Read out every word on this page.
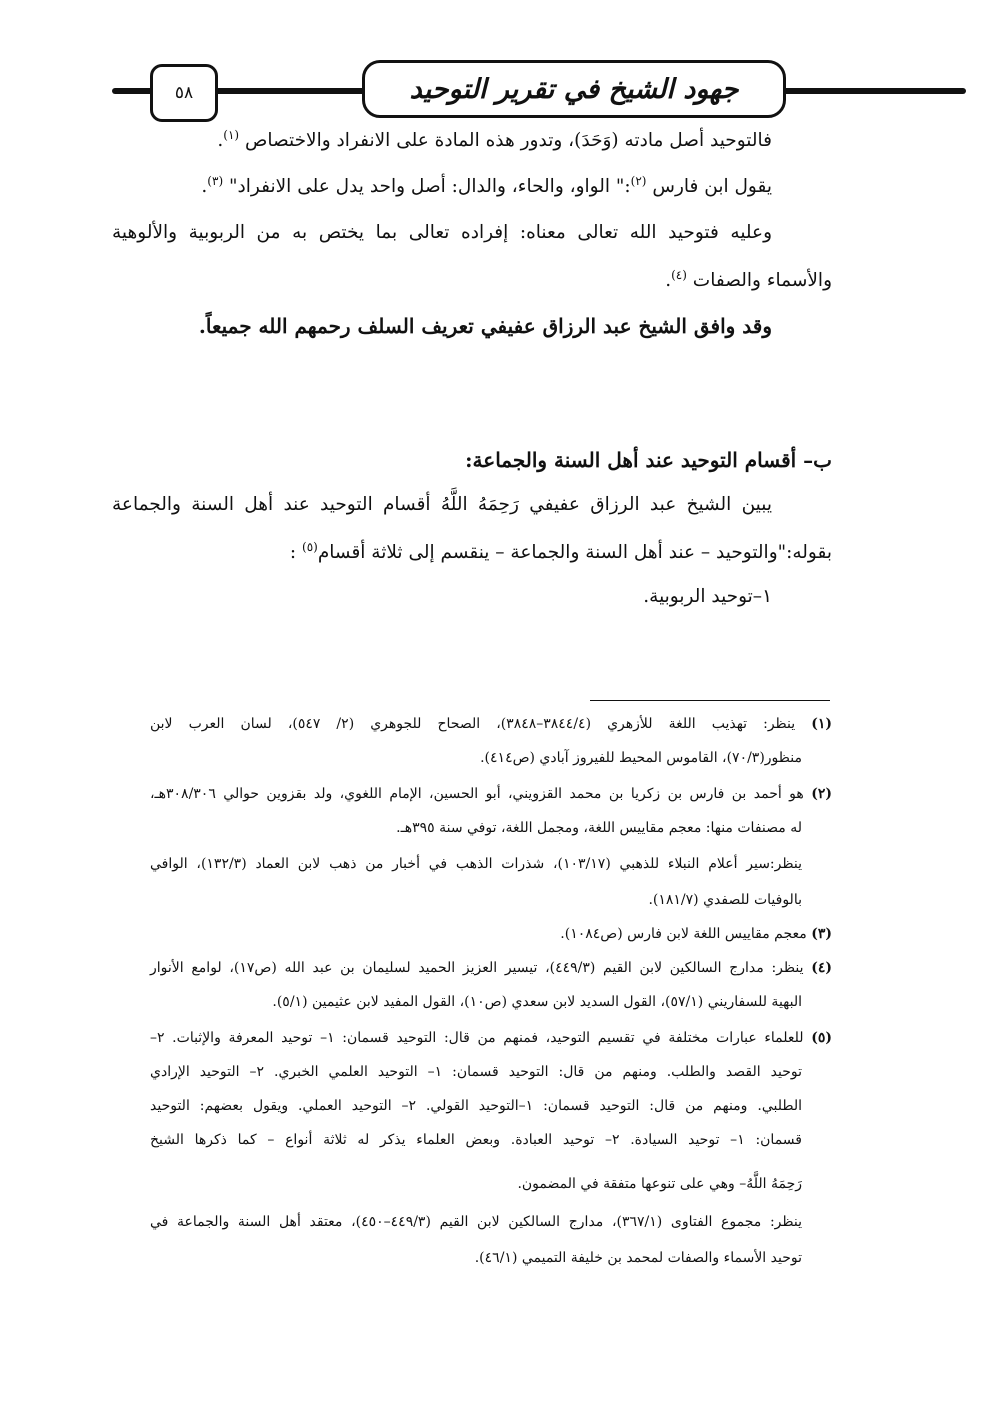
٥٨	جهود الشيخ في تقرير التوحيد
فالتوحيد أصل مادته (وَحَدَ)، وتدور هذه المادة على الانفراد والاختصاص $^{(١)}$.
يقول ابن فارس $^{(٢)}$:" الواو، والحاء، والدال: أصل واحد يدل على الانفراد" $^{(٣)}$.
وعليه فتوحيد الله تعالى معناه: إفراده تعالى بما يختص به من الربوبية والألوهية
والأسماء والصفات $^{(٤)}$.
وقد وافق الشيخ عبد الرزاق عفيفي تعريف السلف رحمهم الله جميعاً.
ب– أقسام التوحيد عند أهل السنة والجماعة:
يبين الشيخ عبد الرزاق عفيفي رَحِمَهُ اللَّهُ أقسام التوحيد عند أهل السنة والجماعة
بقوله:"والتوحيد – عند أهل السنة والجماعة – ينقسم إلى ثلاثة أقسام$^{(٥)}$ :
١–توحيد الربوبية.
(١) ينظر: تهذيب اللغة للأزهري (٣٨٤٤/٤–٣٨٤٨)، الصحاح للجوهري (٢/ ٥٤٧)، لسان العرب لابن
منظور(٧٠/٣)، القاموس المحيط للفيروز آبادي (ص٤١٤).
(٢) هو أحمد بن فارس بن زكريا بن محمد القزويني، أبو الحسين، الإمام اللغوي، ولد بقزوين حوالي ٣٠٨/٣٠٦هـ،
له مصنفات منها: معجم مقاييس اللغة، ومجمل اللغة، توفي سنة ٣٩٥هـ.
ينظر:سير أعلام النبلاء للذهبي (١٠٣/١٧)، شذرات الذهب في أخبار من ذهب لابن العماد (١٣٢/٣)، الوافي
بالوفيات للصفدي (١٨١/٧).
(٣) معجم مقاييس اللغة لابن فارس (ص١٠٨٤).
(٤) ينظر: مدارج السالكين لابن القيم (٤٤٩/٣)، تيسير العزيز الحميد لسليمان بن عبد الله (ص١٧)، لوامع الأنوار
البهية للسفاريني (٥٧/١)، القول السديد لابن سعدي (ص١٠)، القول المفيد لابن عثيمين (٥/١).
(٥) للعلماء عبارات مختلفة في تقسيم التوحيد، فمنهم من قال: التوحيد قسمان: ١– توحيد المعرفة والإثبات. ٢–
توحيد القصد والطلب. ومنهم من قال: التوحيد قسمان: ١– التوحيد العلمي الخبري. ٢– التوحيد الإرادي
الطلبي. ومنهم من قال: التوحيد قسمان: ١–التوحيد القولي. ٢– التوحيد العملي. ويقول بعضهم: التوحيد
قسمان: ١– توحيد السيادة. ٢– توحيد العبادة. وبعض العلماء يذكر له ثلاثة أنواع – كما ذكرها الشيخ
رَحِمَهُ اللَّهُ– وهي على تنوعها متفقة في المضمون.
ينظر: مجموع الفتاوى (٣٦٧/١)، مدارج السالكين لابن القيم (٤٤٩/٣–٤٥٠)، معتقد أهل السنة والجماعة في
توحيد الأسماء والصفات لمحمد بن خليفة التميمي (٤٦/١).
